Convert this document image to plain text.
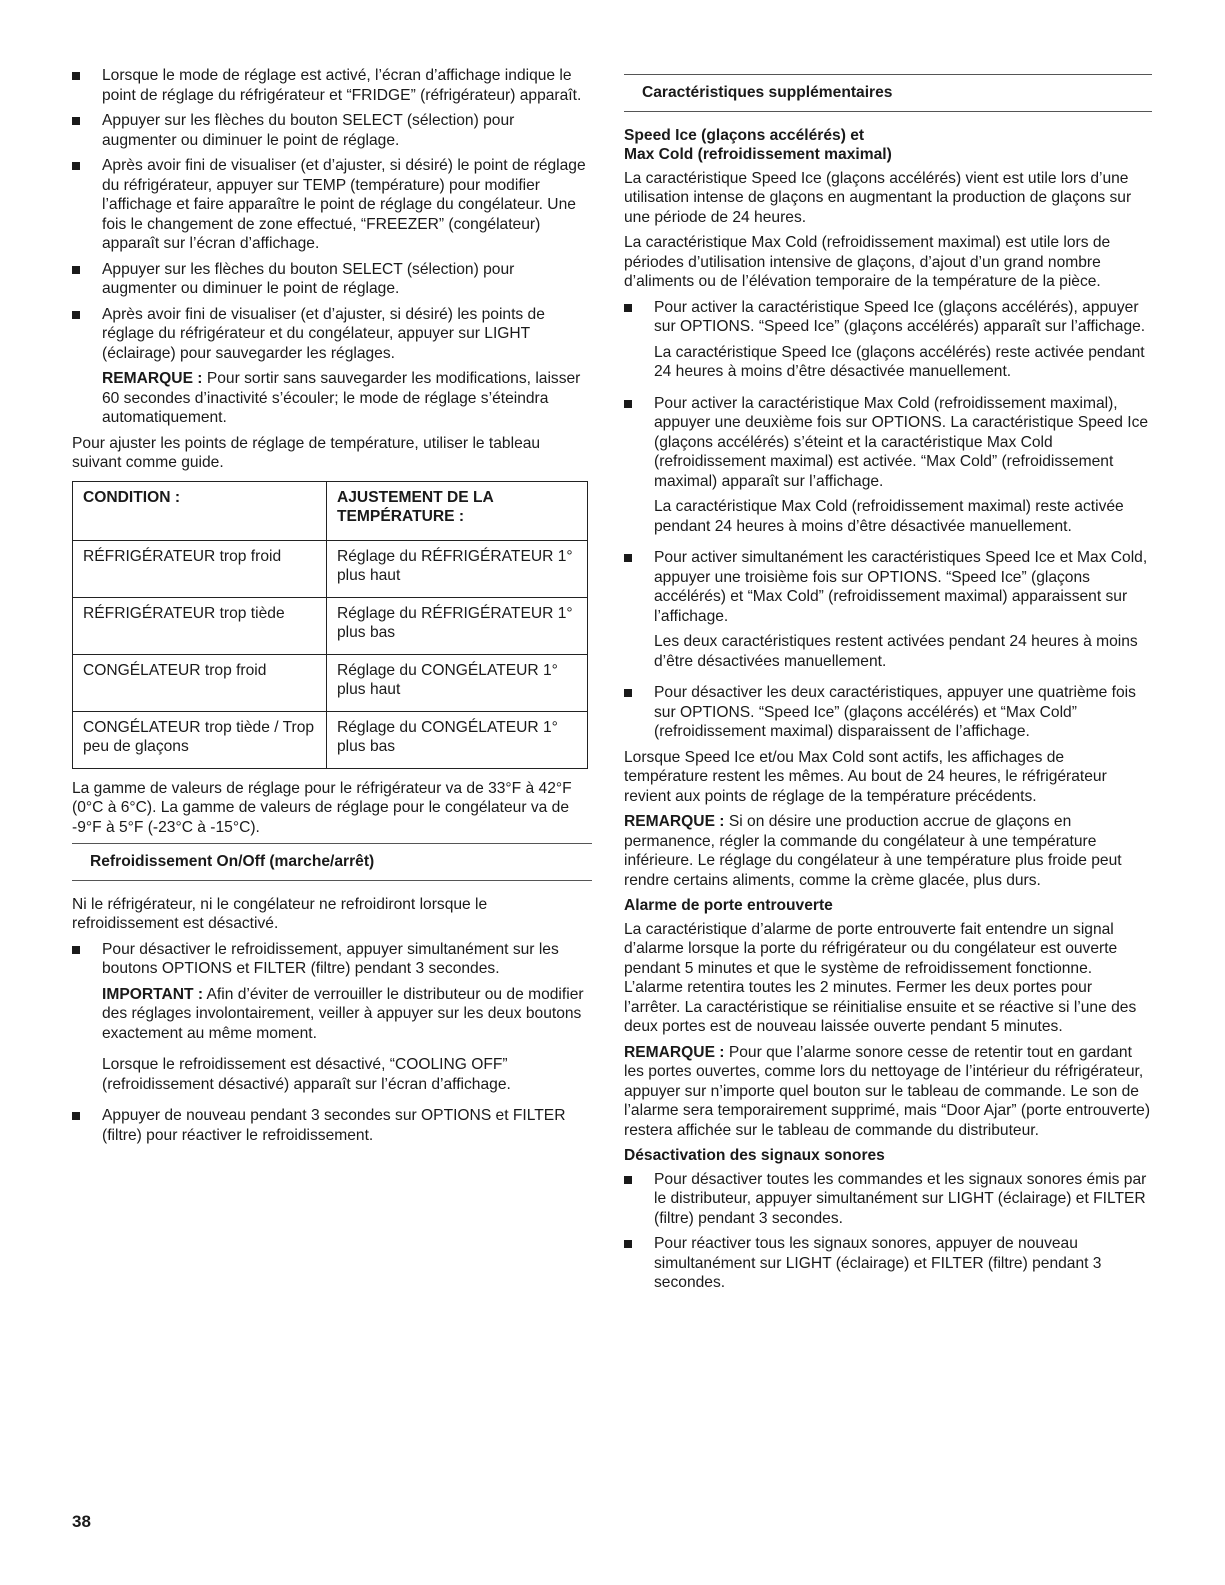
Lorsque le mode de réglage est activé, l’écran d’affichage indique le point de réglage du réfrigérateur et “FRIDGE” (réfrigérateur) apparaît.
Appuyer sur les flèches du bouton SELECT (sélection) pour augmenter ou diminuer le point de réglage.
Après avoir fini de visualiser (et d’ajuster, si désiré) le point de réglage du réfrigérateur, appuyer sur TEMP (température) pour modifier l’affichage et faire apparaître le point de réglage du congélateur. Une fois le changement de zone effectué, “FREEZER” (congélateur) apparaît sur l’écran d’affichage.
Appuyer sur les flèches du bouton SELECT (sélection) pour augmenter ou diminuer le point de réglage.
Après avoir fini de visualiser (et d’ajuster, si désiré) les points de réglage du réfrigérateur et du congélateur, appuyer sur LIGHT (éclairage) pour sauvegarder les réglages.
REMARQUE : Pour sortir sans sauvegarder les modifications, laisser 60 secondes d’inactivité s’écouler; le mode de réglage s’éteindra automatiquement.

Pour ajuster les points de réglage de température, utiliser le tableau suivant comme guide.

CONDITION :	AJUSTEMENT DE LA TEMPÉRATURE :
RÉFRIGÉRATEUR trop froid	Réglage du RÉFRIGÉRATEUR 1° plus haut
RÉFRIGÉRATEUR trop tiède	Réglage du RÉFRIGÉRATEUR 1° plus bas
CONGÉLATEUR trop froid	Réglage du CONGÉLATEUR 1° plus haut
CONGÉLATEUR trop tiède / Trop peu de glaçons	Réglage du CONGÉLATEUR 1° plus bas

La gamme de valeurs de réglage pour le réfrigérateur va de 33°F à 42°F (0°C à 6°C). La gamme de valeurs de réglage pour le congélateur va de -9°F à 5°F (-23°C à -15°C).

Refroidissement On/Off (marche/arrêt)

Ni le réfrigérateur, ni le congélateur ne refroidiront lorsque le refroidissement est désactivé.

Pour désactiver le refroidissement, appuyer simultanément sur les boutons OPTIONS et FILTER (filtre) pendant 3 secondes.
IMPORTANT : Afin d’éviter de verrouiller le distributeur ou de modifier des réglages involontairement, veiller à appuyer sur les deux boutons exactement au même moment.
Lorsque le refroidissement est désactivé, “COOLING OFF” (refroidissement désactivé) apparaît sur l’écran d’affichage.
Appuyer de nouveau pendant 3 secondes sur OPTIONS et FILTER (filtre) pour réactiver le refroidissement.
Caractéristiques supplémentaires
Speed Ice (glaçons accélérés) et
Max Cold (refroidissement maximal)

La caractéristique Speed Ice (glaçons accélérés) vient est utile lors d’une utilisation intense de glaçons en augmentant la production de glaçons sur une période de 24 heures.

La caractéristique Max Cold (refroidissement maximal) est utile lors de périodes d’utilisation intensive de glaçons, d’ajout d’un grand nombre d’aliments ou de l’élévation temporaire de la température de la pièce.

Pour activer la caractéristique Speed Ice (glaçons accélérés), appuyer sur OPTIONS. “Speed Ice” (glaçons accélérés) apparaît sur l’affichage.
La caractéristique Speed Ice (glaçons accélérés) reste activée pendant 24 heures à moins d’être désactivée manuellement.
Pour activer la caractéristique Max Cold (refroidissement maximal), appuyer une deuxième fois sur OPTIONS. La caractéristique Speed Ice (glaçons accélérés) s’éteint et la caractéristique Max Cold (refroidissement maximal) est activée. “Max Cold” (refroidissement maximal) apparaît sur l’affichage.
La caractéristique Max Cold (refroidissement maximal) reste activée pendant 24 heures à moins d’être désactivée manuellement.
Pour activer simultanément les caractéristiques Speed Ice et Max Cold, appuyer une troisième fois sur OPTIONS. “Speed Ice” (glaçons accélérés) et “Max Cold” (refroidissement maximal) apparaissent sur l’affichage.
Les deux caractéristiques restent activées pendant 24 heures à moins d’être désactivées manuellement.
Pour désactiver les deux caractéristiques, appuyer une quatrième fois sur OPTIONS. “Speed Ice” (glaçons accélérés) et “Max Cold” (refroidissement maximal) disparaissent de l’affichage.

Lorsque Speed Ice et/ou Max Cold sont actifs, les affichages de température restent les mêmes. Au bout de 24 heures, le réfrigérateur revient aux points de réglage de la température précédents.

REMARQUE : Si on désire une production accrue de glaçons en permanence, régler la commande du congélateur à une température inférieure. Le réglage du congélateur à une température plus froide peut rendre certains aliments, comme la crème glacée, plus durs.

Alarme de porte entrouverte

La caractéristique d’alarme de porte entrouverte fait entendre un signal d’alarme lorsque la porte du réfrigérateur ou du congélateur est ouverte pendant 5 minutes et que le système de refroidissement fonctionne. L’alarme retentira toutes les 2 minutes. Fermer les deux portes pour l’arrêter. La caractéristique se réinitialise ensuite et se réactive si l’une des deux portes est de nouveau laissée ouverte pendant 5 minutes.

REMARQUE : Pour que l’alarme sonore cesse de retentir tout en gardant les portes ouvertes, comme lors du nettoyage de l’intérieur du réfrigérateur, appuyer sur n’importe quel bouton sur le tableau de commande. Le son de l’alarme sera temporairement supprimé, mais “Door Ajar” (porte entrouverte) restera affichée sur le tableau de commande du distributeur.

Désactivation des signaux sonores
Pour désactiver toutes les commandes et les signaux sonores émis par le distributeur, appuyer simultanément sur LIGHT (éclairage) et FILTER (filtre) pendant 3 secondes.
Pour réactiver tous les signaux sonores, appuyer de nouveau simultanément sur LIGHT (éclairage) et FILTER (filtre) pendant 3 secondes.
38
